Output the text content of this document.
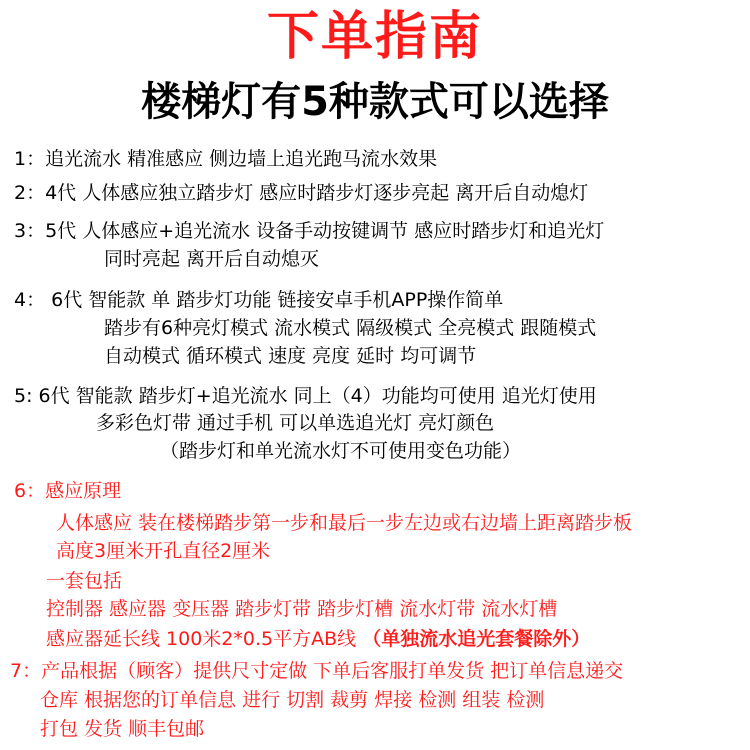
下单指南
楼梯灯有5种款式可以选择
1：追光流水 精准感应 侧边墙上追光跑马流水效果
2：4代 人体感应独立踏步灯 感应时踏步灯逐步亮起 离开后自动熄灯
3：5代 人体感应+追光流水 设备手动按键调节 感应时踏步灯和追光灯
同时亮起 离开后自动熄灭
4： 6代 智能款 单 踏步灯功能 链接安卓手机APP操作简单
踏步有6种亮灯模式 流水模式 隔级模式 全亮模式 跟随模式
自动模式 循环模式 速度 亮度 延时 均可调节
5: 6代 智能款 踏步灯+追光流水 同上（4）功能均可使用 追光灯使用
多彩色灯带 通过手机 可以单选追光灯 亮灯颜色
（踏步灯和单光流水灯不可使用变色功能）
6：感应原理
人体感应 装在楼梯踏步第一步和最后一步左边或右边墙上距离踏步板
高度3厘米开孔直径2厘米
一套包括
控制器 感应器 变压器 踏步灯带 踏步灯槽 流水灯带 流水灯槽
感应器延长线 100米2*0.5平方AB线 （单独流水追光套餐除外）
7：产品根据（顾客）提供尺寸定做 下单后客服打单发货 把订单信息递交
仓库 根据您的订单信息 进行 切割 裁剪 焊接 检测 组装 检测
打包 发货 顺丰包邮
